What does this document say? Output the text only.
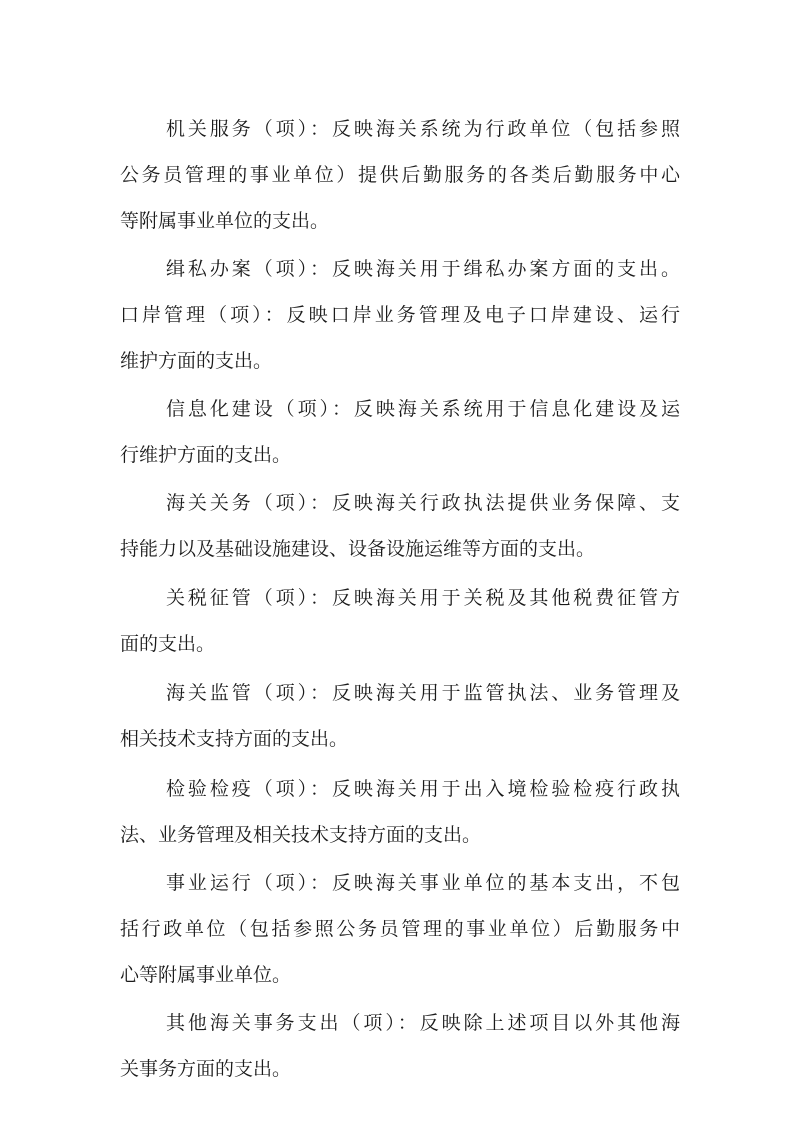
机关服务（项）：反映海关系统为行政单位（包括参照
公务员管理的事业单位）提供后勤服务的各类后勤服务中心
等附属事业单位的支出。
缉私办案（项）：反映海关用于缉私办案方面的支出。
口岸管理（项）：反映口岸业务管理及电子口岸建设、运行
维护方面的支出。
信息化建设（项）：反映海关系统用于信息化建设及运
行维护方面的支出。
海关关务（项）：反映海关行政执法提供业务保障、支
持能力以及基础设施建设、设备设施运维等方面的支出。
关税征管（项）：反映海关用于关税及其他税费征管方
面的支出。
海关监管（项）：反映海关用于监管执法、业务管理及
相关技术支持方面的支出。
检验检疫（项）：反映海关用于出入境检验检疫行政执
法、业务管理及相关技术支持方面的支出。
事业运行（项）：反映海关事业单位的基本支出，不包
括行政单位（包括参照公务员管理的事业单位）后勤服务中
心等附属事业单位。
其他海关事务支出（项）：反映除上述项目以外其他海
关事务方面的支出。
